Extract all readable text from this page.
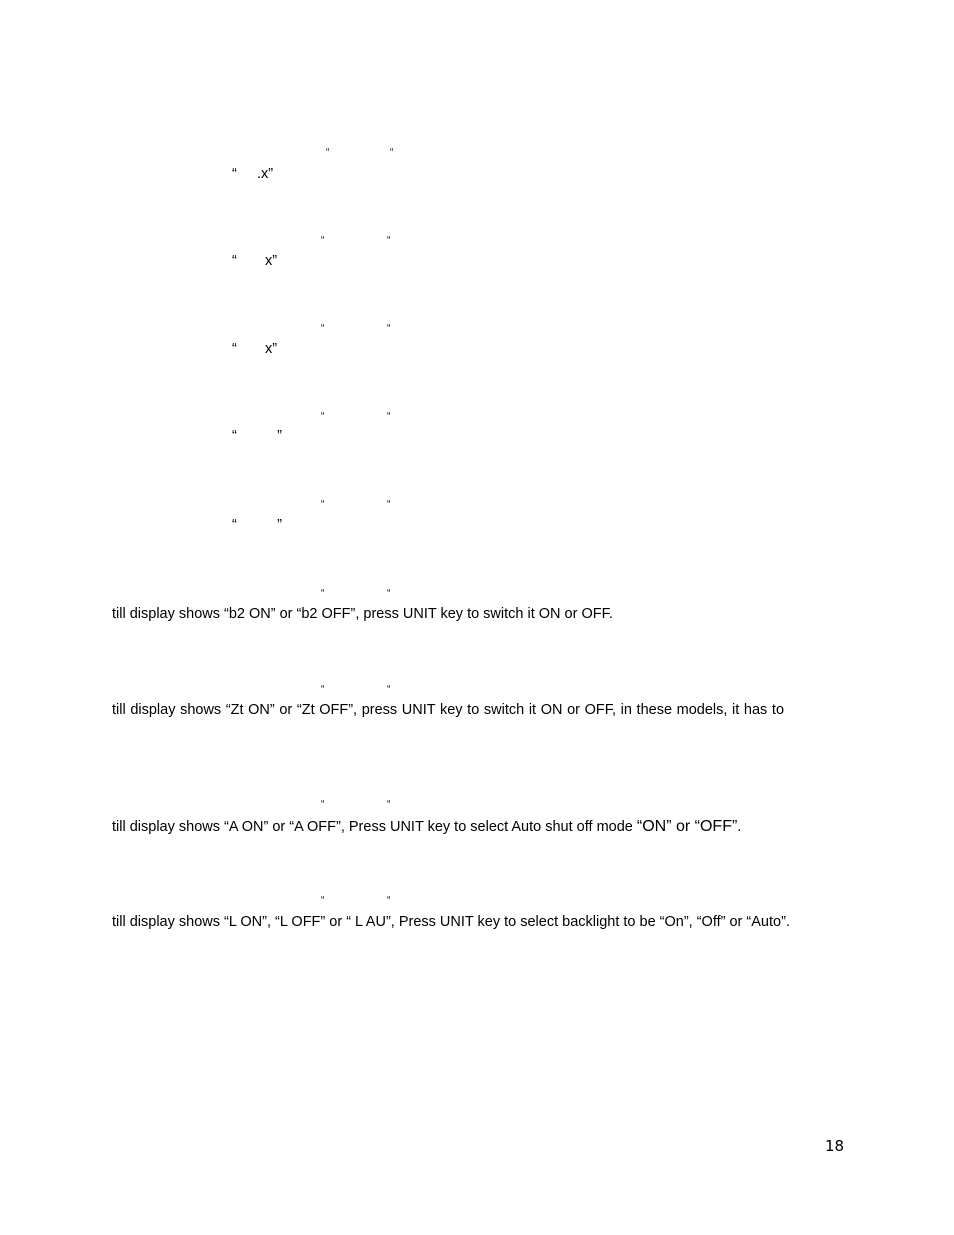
“	“
“     .x”
“	“
“       x”
“	“
“       x”
“	“
“          ”
“	“
“          ”
“	“
till display shows “b2 ON” or “b2 OFF”, press UNIT key to switch it ON or OFF.
“	“
till display shows “Zt ON” or “Zt OFF”, press UNIT key to switch it ON or OFF, in these models, it has to
“	“
till display shows “A ON” or “A OFF”, Press UNIT key to select Auto shut off mode “ON” or “OFF”.
“	“
till display shows “L ON”, “L OFF” or “ L AU”, Press UNIT key to select backlight to be “On”, “Off” or “Auto”.
18
